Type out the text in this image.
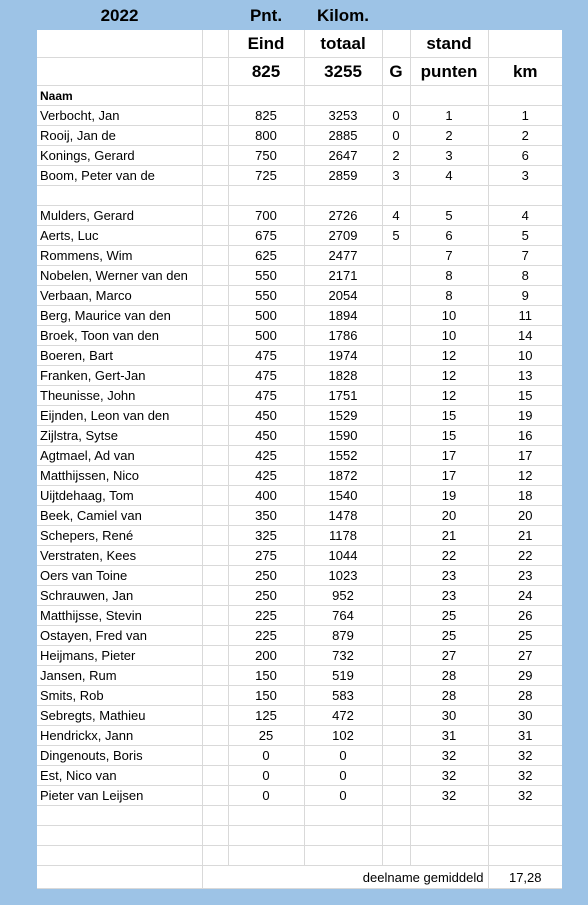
2022	Pnt.	Kilom.
		Eind	totaal		stand	
		825	3255	G	punten	km
Naam						
Verbocht, Jan		825	3253	0	1	1
Rooij, Jan de		800	2885	0	2	2
Konings, Gerard		750	2647	2	3	6
Boom, Peter van de		725	2859	3	4	3

Mulders, Gerard		700	2726	4	5	4
Aerts, Luc		675	2709	5	6	5
Rommens, Wim		625	2477		7	7
Nobelen, Werner van den		550	2171		8	8
Verbaan, Marco		550	2054		8	9
Berg, Maurice van den		500	1894		10	11
Broek, Toon van den		500	1786		10	14
Boeren, Bart		475	1974		12	10
Franken, Gert-Jan		475	1828		12	13
Theunisse, John		475	1751		12	15
Eijnden, Leon van den		450	1529		15	19
Zijlstra, Sytse		450	1590		15	16
Agtmael, Ad van		425	1552		17	17
Matthijssen, Nico		425	1872		17	12
Uijtdehaag, Tom		400	1540		19	18
Beek, Camiel van		350	1478		20	20
Schepers, René		325	1178		21	21
Verstraten, Kees		275	1044		22	22
Oers van Toine		250	1023		23	23
Schrauwen, Jan		250	952		23	24
Matthijsse, Stevin		225	764		25	26
Ostayen, Fred van		225	879		25	25
Heijmans, Pieter		200	732		27	27
Jansen, Rum		150	519		28	29
Smits, Rob		150	583		28	28
Sebregts, Mathieu		125	472		30	30
Hendrickx, Jann		25	102		31	31
Dingenouts, Boris		0	0		32	32
Est, Nico van		0	0		32	32
Pieter van Leijsen		0	0		32	32

	deelname gemiddeld					17,28
